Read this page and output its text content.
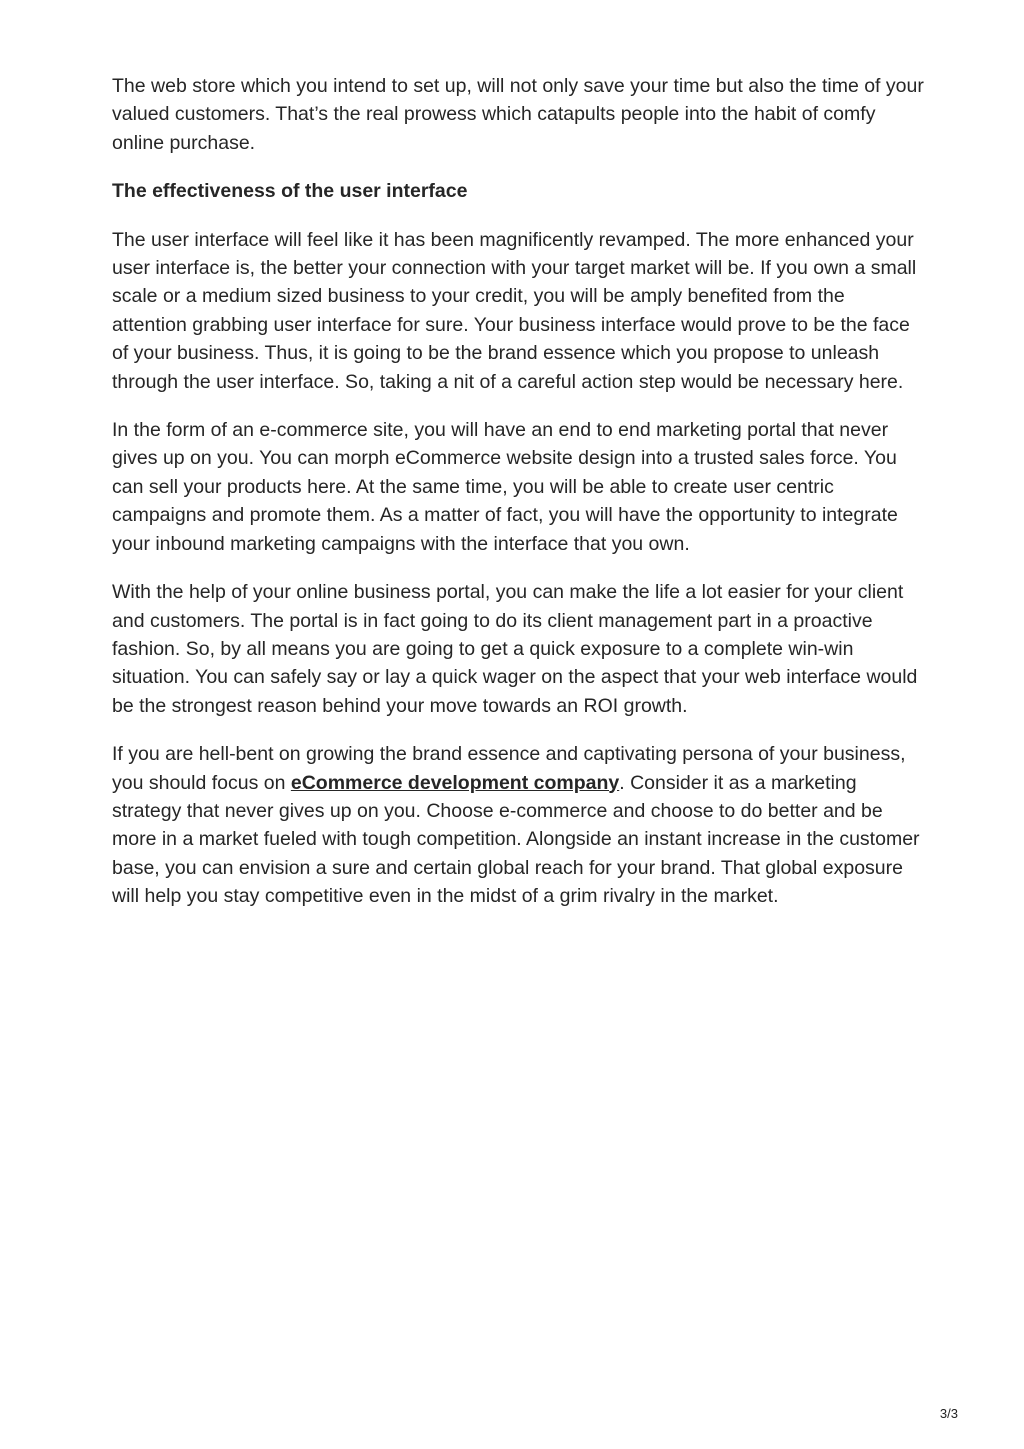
The web store which you intend to set up, will not only save your time but also the time of your valued customers. That’s the real prowess which catapults people into the habit of comfy online purchase.

The effectiveness of the user interface

The user interface will feel like it has been magnificently revamped. The more enhanced your user interface is, the better your connection with your target market will be. If you own a small scale or a medium sized business to your credit, you will be amply benefited from the attention grabbing user interface for sure. Your business interface would prove to be the face of your business. Thus, it is going to be the brand essence which you propose to unleash through the user interface. So, taking a nit of a careful action step would be necessary here.

In the form of an e-commerce site, you will have an end to end marketing portal that never gives up on you. You can morph eCommerce website design into a trusted sales force. You can sell your products here. At the same time, you will be able to create user centric campaigns and promote them. As a matter of fact, you will have the opportunity to integrate your inbound marketing campaigns with the interface that you own.

With the help of your online business portal, you can make the life a lot easier for your client and customers. The portal is in fact going to do its client management part in a proactive fashion. So, by all means you are going to get a quick exposure to a complete win-win situation. You can safely say or lay a quick wager on the aspect that your web interface would be the strongest reason behind your move towards an ROI growth.

If you are hell-bent on growing the brand essence and captivating persona of your business, you should focus on eCommerce development company. Consider it as a marketing strategy that never gives up on you. Choose e-commerce and choose to do better and be more in a market fueled with tough competition. Alongside an instant increase in the customer base, you can envision a sure and certain global reach for your brand. That global exposure will help you stay competitive even in the midst of a grim rivalry in the market.

3/3
